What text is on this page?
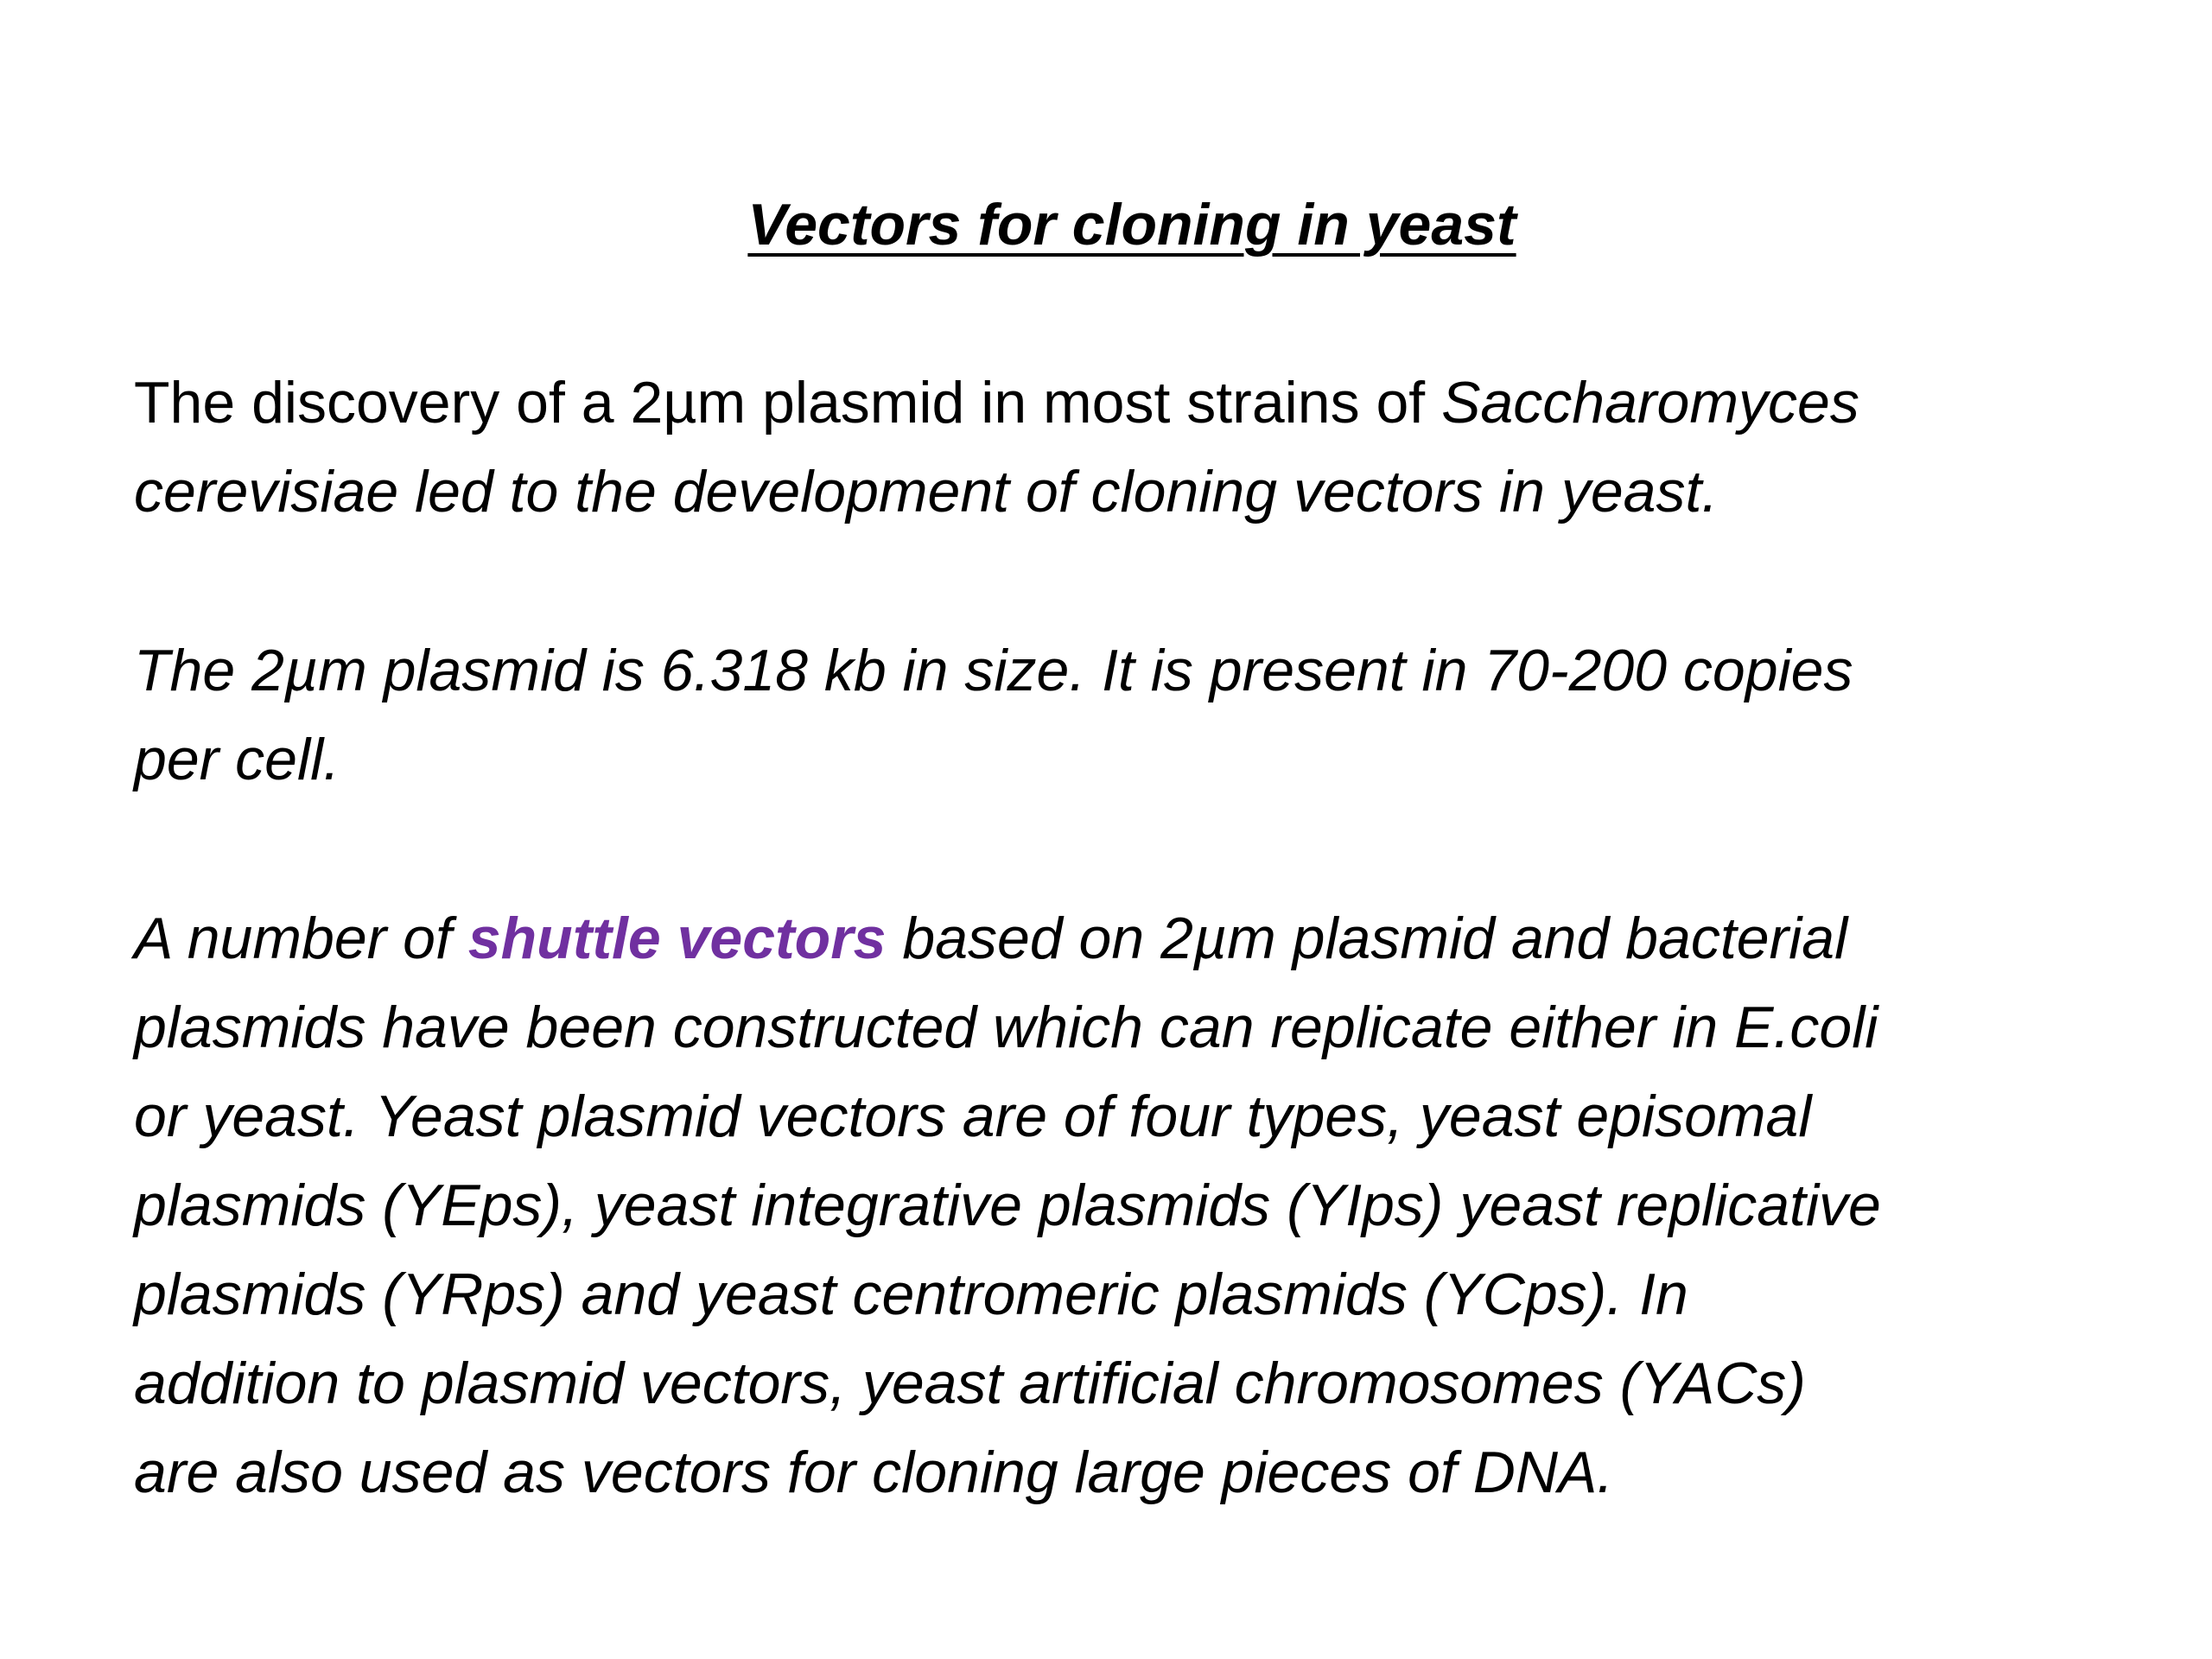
Vectors for cloning in yeast
The discovery of a 2µm plasmid in most strains of Saccharomyces
cerevisiae led to the development of cloning vectors in yeast.
The 2µm plasmid is 6.318 kb in size. It is present in 70-200 copies
per cell.
A number of shuttle vectors based on 2µm plasmid and bacterial
plasmids have been constructed which can replicate either in E.coli
or yeast. Yeast plasmid vectors are of four types, yeast episomal
plasmids (YEps), yeast integrative plasmids (YIps) yeast replicative
plasmids (YRps) and yeast centromeric plasmids (YCps). In
addition to plasmid vectors, yeast artificial chromosomes (YACs)
are also used as vectors for cloning large pieces of DNA.
